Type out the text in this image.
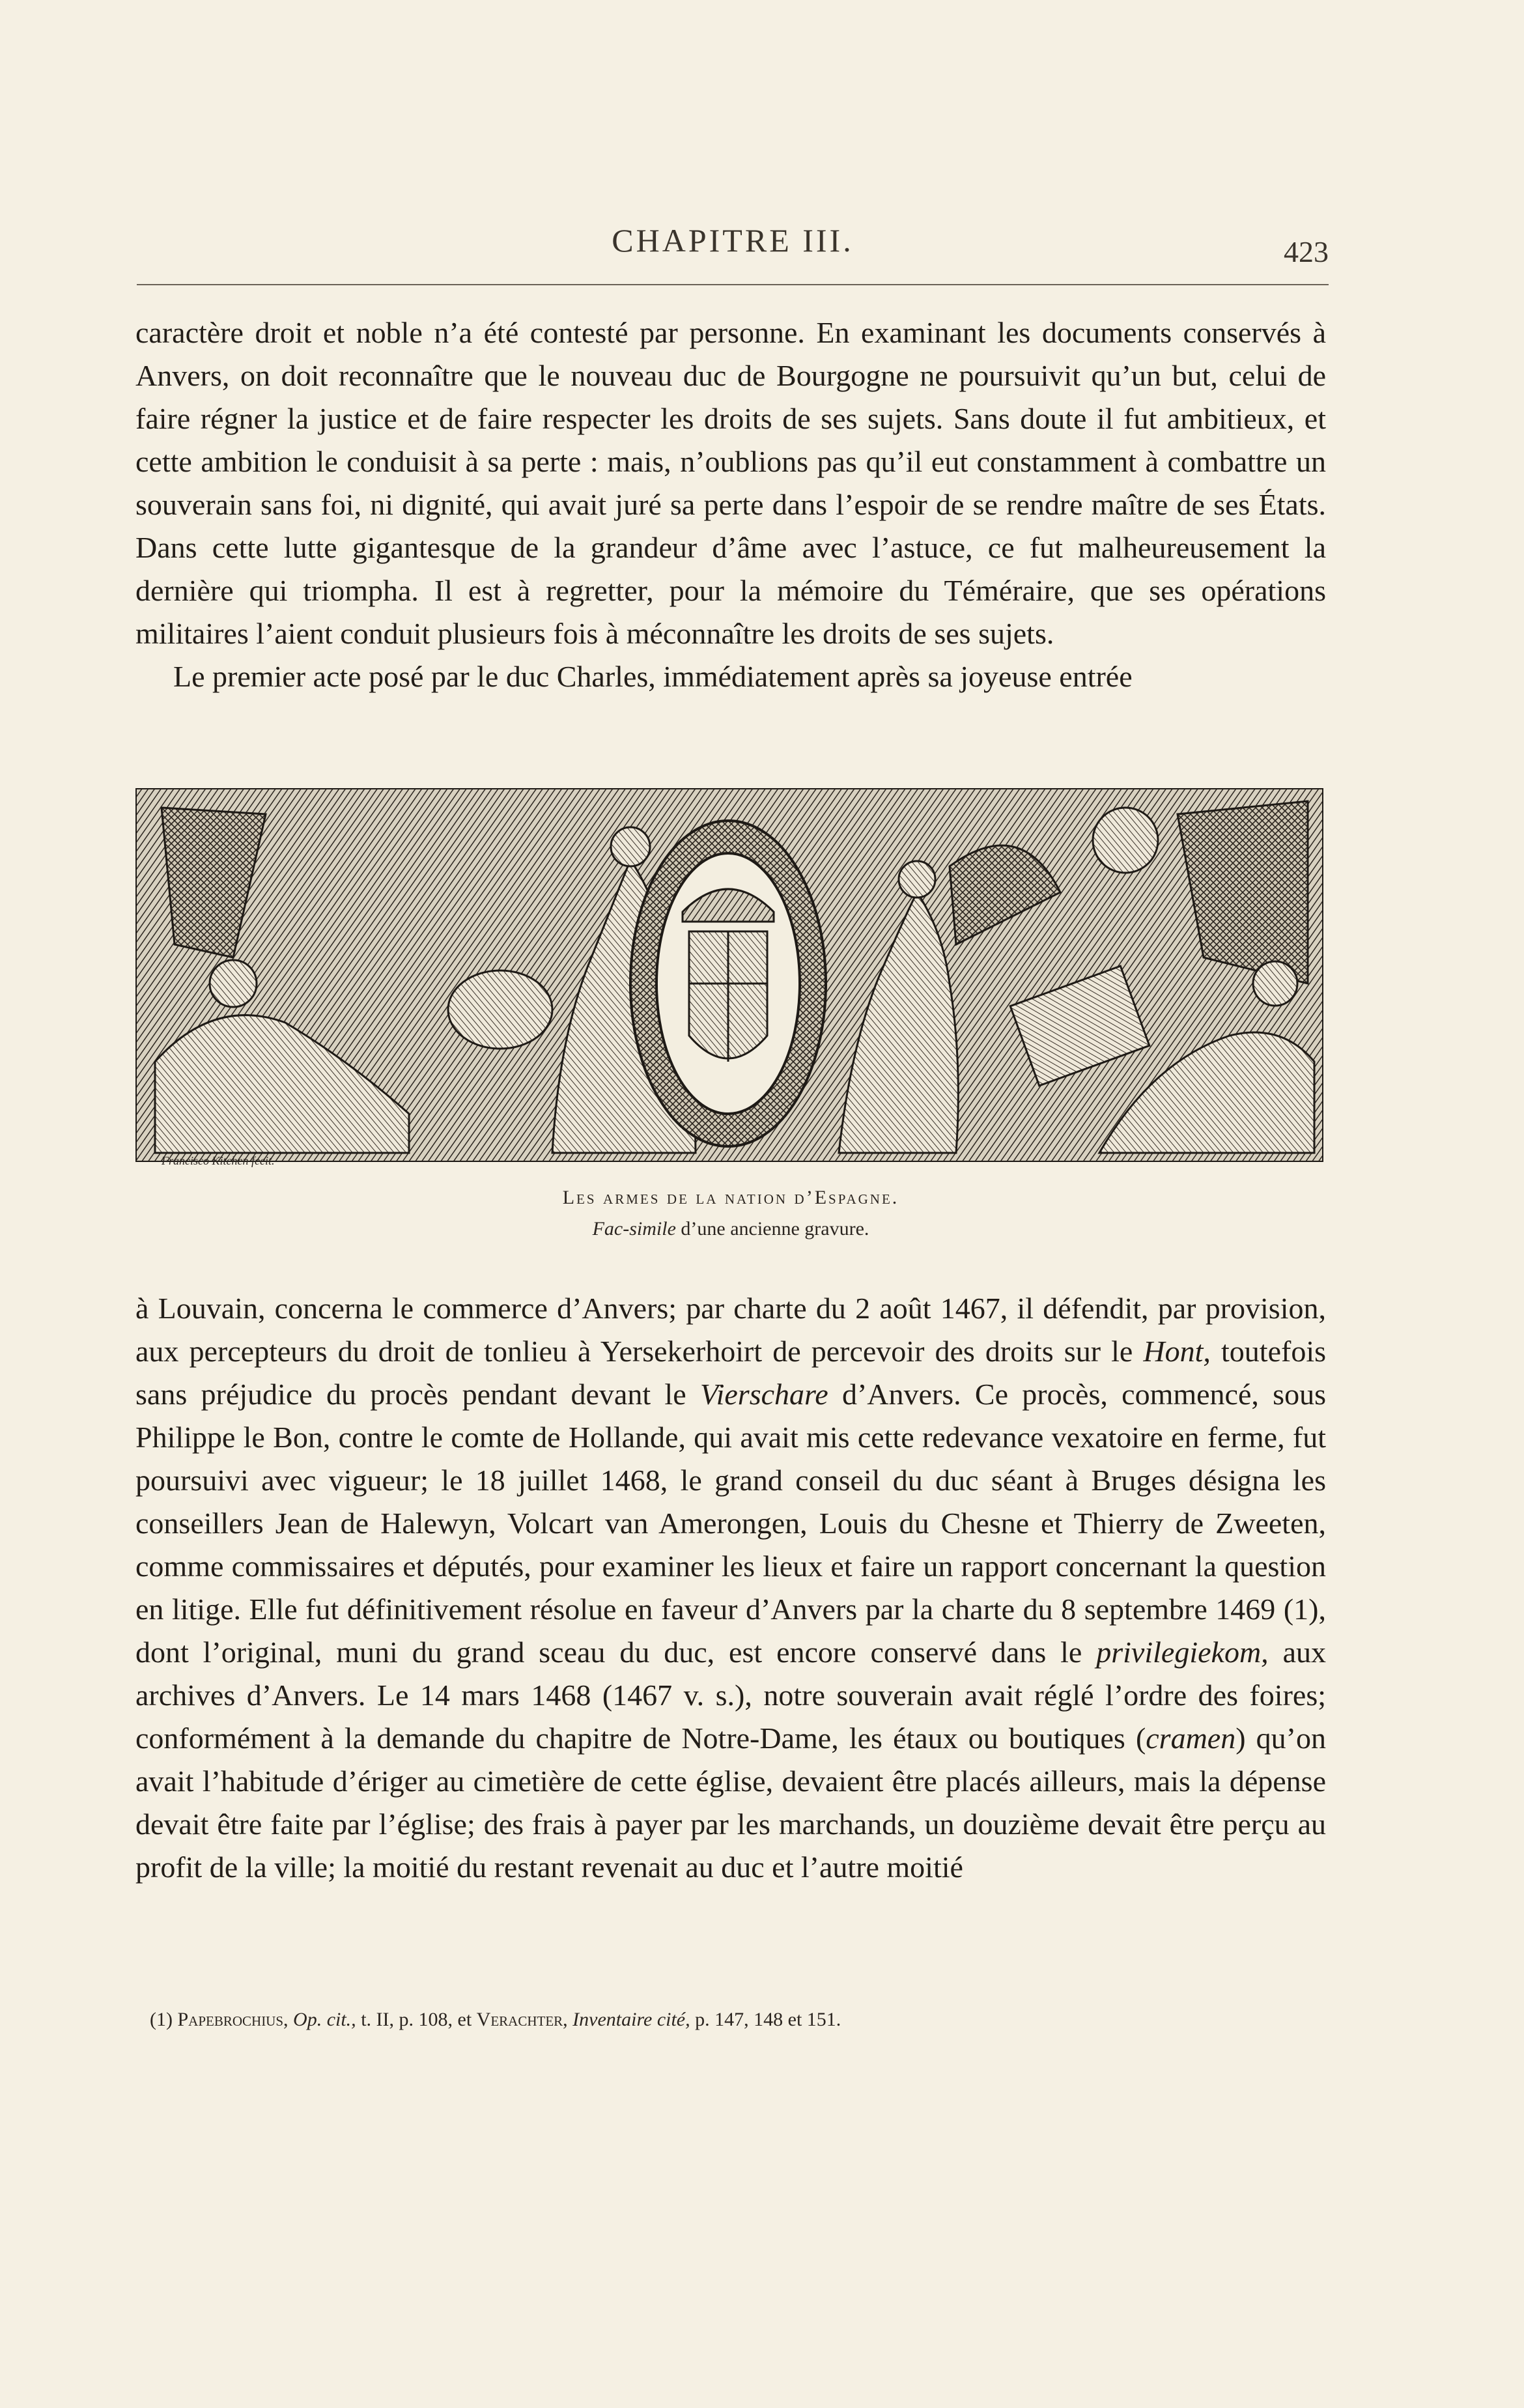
CHAPITRE III.	423

caractère droit et noble n’a été contesté par personne. En examinant les documents conservés à Anvers, on doit reconnaître que le nouveau duc de Bourgogne ne poursuivit qu’un but, celui de faire régner la justice et de faire respecter les droits de ses sujets. Sans doute il fut ambitieux, et cette ambition le conduisit à sa perte : mais, n’oublions pas qu’il eut constamment à combattre un souverain sans foi, ni dignité, qui avait juré sa perte dans l’espoir de se rendre maître de ses États. Dans cette lutte gigantesque de la grandeur d’âme avec l’astuce, ce fut malheureusement la dernière qui triompha. Il est à regretter, pour la mémoire du Téméraire, que ses opérations militaires l’aient conduit plusieurs fois à méconnaître les droits de ses sujets.

Le premier acte posé par le duc Charles, immédiatement après sa joyeuse entrée

Francisco Kitchen fecit.
Les armes de la nation d’Espagne.
Fac-simile d’une ancienne gravure.

à Louvain, concerna le commerce d’Anvers; par charte du 2 août 1467, il défendit, par provision, aux percepteurs du droit de tonlieu à Yersekerhoirt de percevoir des droits sur le Hont, toutefois sans préjudice du procès pendant devant le Vierschare d’Anvers. Ce procès, commencé, sous Philippe le Bon, contre le comte de Hollande, qui avait mis cette redevance vexatoire en ferme, fut poursuivi avec vigueur; le 18 juillet 1468, le grand conseil du duc séant à Bruges désigna les conseillers Jean de Halewyn, Volcart van Amerongen, Louis du Chesne et Thierry de Zweeten, comme commissaires et députés, pour examiner les lieux et faire un rapport concernant la question en litige. Elle fut définitivement résolue en faveur d’Anvers par la charte du 8 septembre 1469 (1), dont l’original, muni du grand sceau du duc, est encore conservé dans le privilegiekom, aux archives d’Anvers. Le 14 mars 1468 (1467 v. s.), notre souverain avait réglé l’ordre des foires; conformément à la demande du chapitre de Notre-Dame, les étaux ou boutiques (cramen) qu’on avait l’habitude d’ériger au cimetière de cette église, devaient être placés ailleurs, mais la dépense devait être faite par l’église; des frais à payer par les marchands, un douzième devait être perçu au profit de la ville; la moitié du restant revenait au duc et l’autre moitié

(1) Papebrochius, Op. cit., t. II, p. 108, et Verachter, Inventaire cité, p. 147, 148 et 151.
